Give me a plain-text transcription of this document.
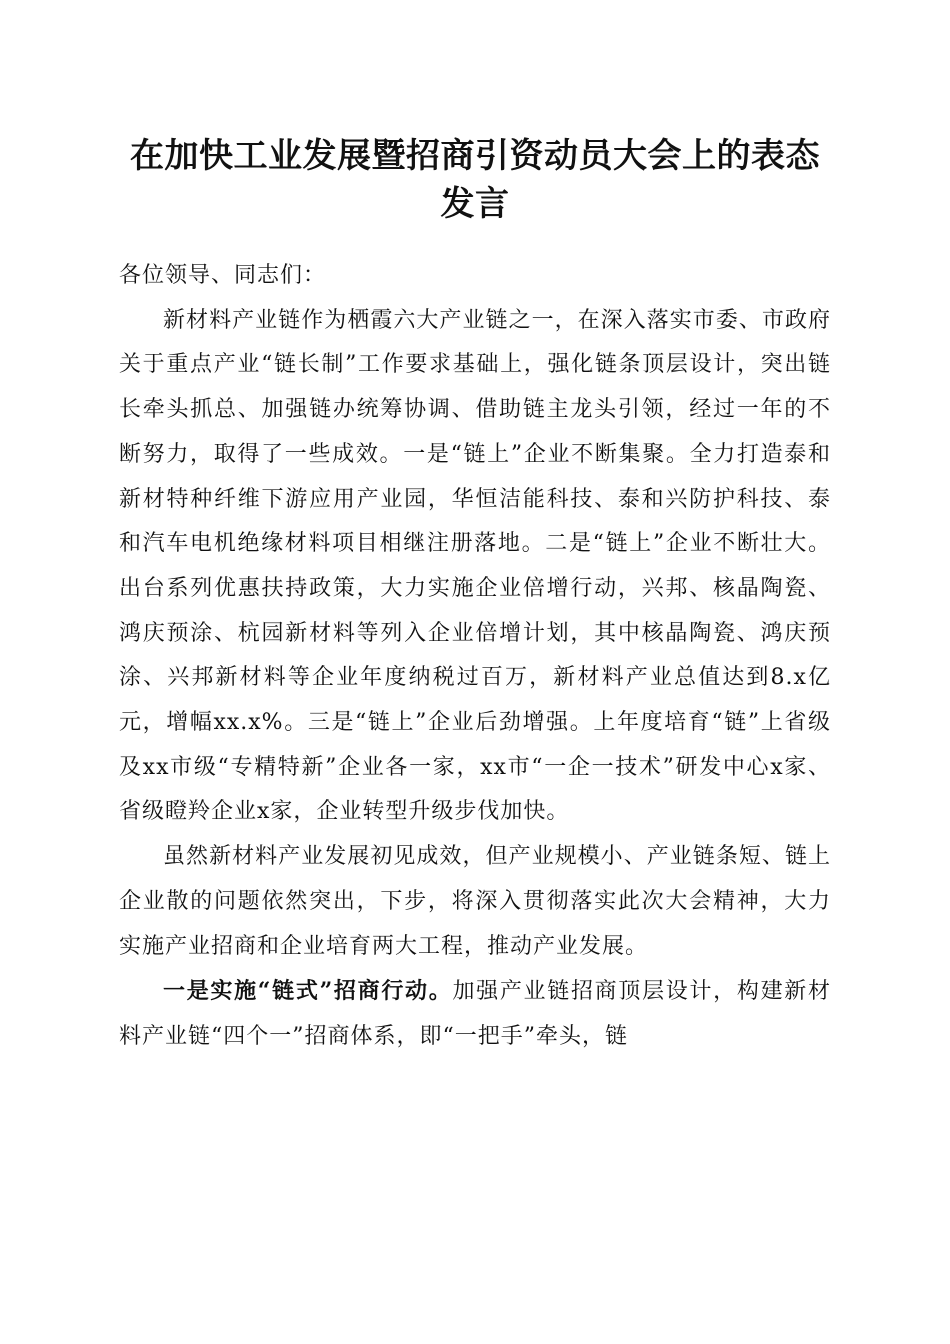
在加快工业发展暨招商引资动员大会上的表态
发言

各位领导、同志们：

新材料产业链作为栖霞六大产业链之一，在深入落实市委、市政府关于重点产业“链长制”工作要求基础上，强化链条顶层设计，突出链长牵头抓总、加强链办统筹协调、借助链主龙头引领，经过一年的不断努力，取得了一些成效。一是“链上”企业不断集聚。全力打造泰和新材特种纤维下游应用产业园，华恒洁能科技、泰和兴防护科技、泰和汽车电机绝缘材料项目相继注册落地。二是“链上”企业不断壮大。出台系列优惠扶持政策，大力实施企业倍增行动，兴邦、核晶陶瓷、鸿庆预涂、杭园新材料等列入企业倍增计划，其中核晶陶瓷、鸿庆预涂、兴邦新材料等企业年度纳税过百万，新材料产业总值达到8.x亿元，增幅xx.x%。三是“链上”企业后劲增强。上年度培育“链”上省级及xx市级“专精特新”企业各一家，xx市“一企一技术”研发中心x家、省级瞪羚企业x家，企业转型升级步伐加快。

虽然新材料产业发展初见成效，但产业规模小、产业链条短、链上企业散的问题依然突出，下步，将深入贯彻落实此次大会精神，大力实施产业招商和企业培育两大工程，推动产业发展。

一是实施“链式”招商行动。加强产业链招商顶层设计，构建新材料产业链“四个一”招商体系，即“一把手”牵头，链
